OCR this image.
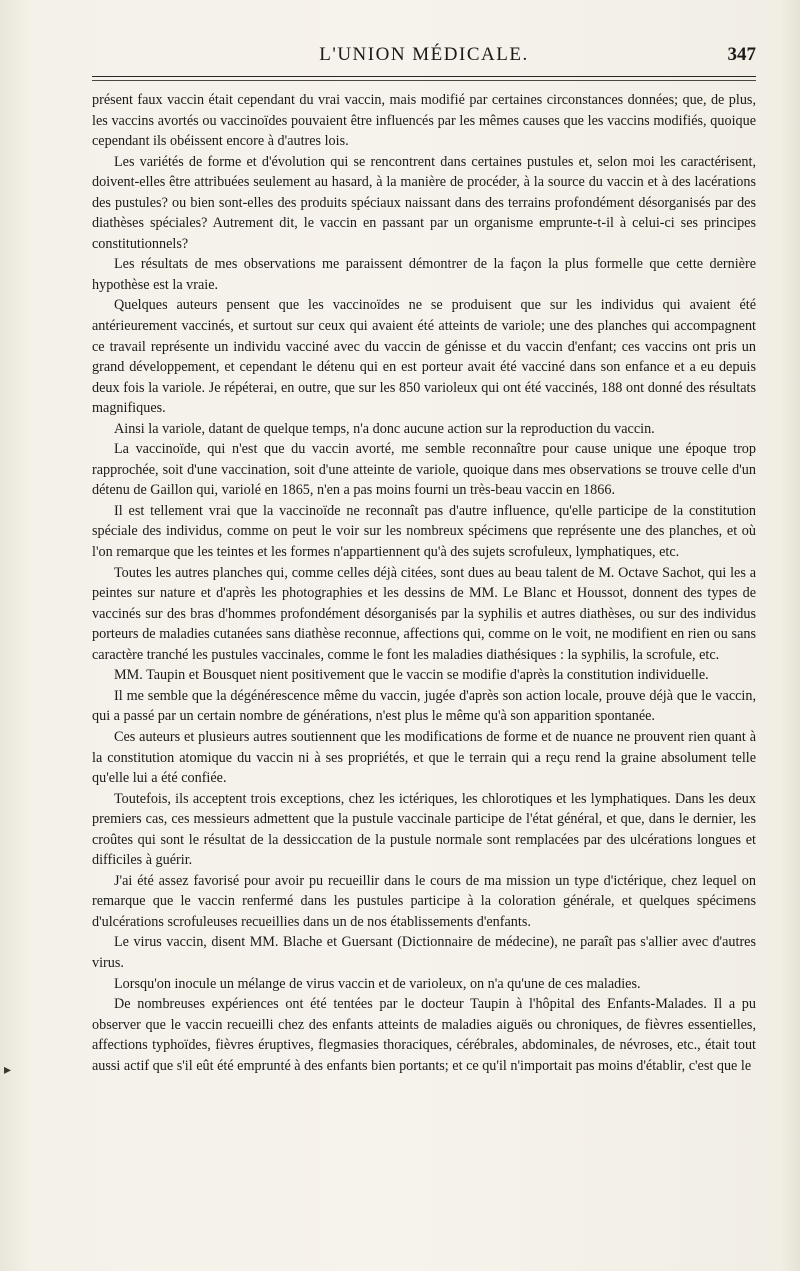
L'UNION MÉDICALE.	347

présent faux vaccin était cependant du vrai vaccin, mais modifié par certaines circonstances données; que, de plus, les vaccins avortés ou vaccinoïdes pouvaient être influencés par les mêmes causes que les vaccins modifiés, quoique cependant ils obéissent encore à d'autres lois.

Les variétés de forme et d'évolution qui se rencontrent dans certaines pustules et, selon moi les caractérisent, doivent-elles être attribuées seulement au hasard, à la manière de procéder, à la source du vaccin et à des lacérations des pustules? ou bien sont-elles des produits spéciaux naissant dans des terrains profondément désorganisés par des diathèses spéciales? Autrement dit, le vaccin en passant par un organisme emprunte-t-il à celui-ci ses principes constitutionnels?

Les résultats de mes observations me paraissent démontrer de la façon la plus formelle que cette dernière hypothèse est la vraie.

Quelques auteurs pensent que les vaccinoïdes ne se produisent que sur les individus qui avaient été antérieurement vaccinés, et surtout sur ceux qui avaient été atteints de variole; une des planches qui accompagnent ce travail représente un individu vacciné avec du vaccin de génisse et du vaccin d'enfant; ces vaccins ont pris un grand développement, et cependant le détenu qui en est porteur avait été vacciné dans son enfance et a eu depuis deux fois la variole. Je répéterai, en outre, que sur les 850 varioleux qui ont été vaccinés, 188 ont donné des résultats magnifiques.

Ainsi la variole, datant de quelque temps, n'a donc aucune action sur la reproduction du vaccin.

La vaccinoïde, qui n'est que du vaccin avorté, me semble reconnaître pour cause unique une époque trop rapprochée, soit d'une vaccination, soit d'une atteinte de variole, quoique dans mes observations se trouve celle d'un détenu de Gaillon qui, variolé en 1865, n'en a pas moins fourni un très-beau vaccin en 1866.

Il est tellement vrai que la vaccinoïde ne reconnaît pas d'autre influence, qu'elle participe de la constitution spéciale des individus, comme on peut le voir sur les nombreux spécimens que représente une des planches, et où l'on remarque que les teintes et les formes n'appartiennent qu'à des sujets scrofuleux, lymphatiques, etc.

Toutes les autres planches qui, comme celles déjà citées, sont dues au beau talent de M. Octave Sachot, qui les a peintes sur nature et d'après les photographies et les dessins de MM. Le Blanc et Houssot, donnent des types de vaccinés sur des bras d'hommes profondément désorganisés par la syphilis et autres diathèses, ou sur des individus porteurs de maladies cutanées sans diathèse reconnue, affections qui, comme on le voit, ne modifient en rien ou sans caractère tranché les pustules vaccinales, comme le font les maladies diathésiques : la syphilis, la scrofule, etc.

MM. Taupin et Bousquet nient positivement que le vaccin se modifie d'après la constitution individuelle.

Il me semble que la dégénérescence même du vaccin, jugée d'après son action locale, prouve déjà que le vaccin, qui a passé par un certain nombre de générations, n'est plus le même qu'à son apparition spontanée.

Ces auteurs et plusieurs autres soutiennent que les modifications de forme et de nuance ne prouvent rien quant à la constitution atomique du vaccin ni à ses propriétés, et que le terrain qui a reçu rend la graine absolument telle qu'elle lui a été confiée.

Toutefois, ils acceptent trois exceptions, chez les ictériques, les chlorotiques et les lymphatiques. Dans les deux premiers cas, ces messieurs admettent que la pustule vaccinale participe de l'état général, et que, dans le dernier, les croûtes qui sont le résultat de la dessiccation de la pustule normale sont remplacées par des ulcérations longues et difficiles à guérir.

J'ai été assez favorisé pour avoir pu recueillir dans le cours de ma mission un type d'ictérique, chez lequel on remarque que le vaccin renfermé dans les pustules participe à la coloration générale, et quelques spécimens d'ulcérations scrofuleuses recueillies dans un de nos établissements d'enfants.

Le virus vaccin, disent MM. Blache et Guersant (Dictionnaire de médecine), ne paraît pas s'allier avec d'autres virus.

Lorsqu'on inocule un mélange de virus vaccin et de varioleux, on n'a qu'une de ces maladies.

De nombreuses expériences ont été tentées par le docteur Taupin à l'hôpital des Enfants-Malades. Il a pu observer que le vaccin recueilli chez des enfants atteints de maladies aiguës ou chroniques, de fièvres essentielles, affections typhoïdes, fièvres éruptives, flegmasies thoraciques, cérébrales, abdominales, de névroses, etc., était tout aussi actif que s'il eût été emprunté à des enfants bien portants; et ce qu'il n'importait pas moins d'établir, c'est que le

▸
